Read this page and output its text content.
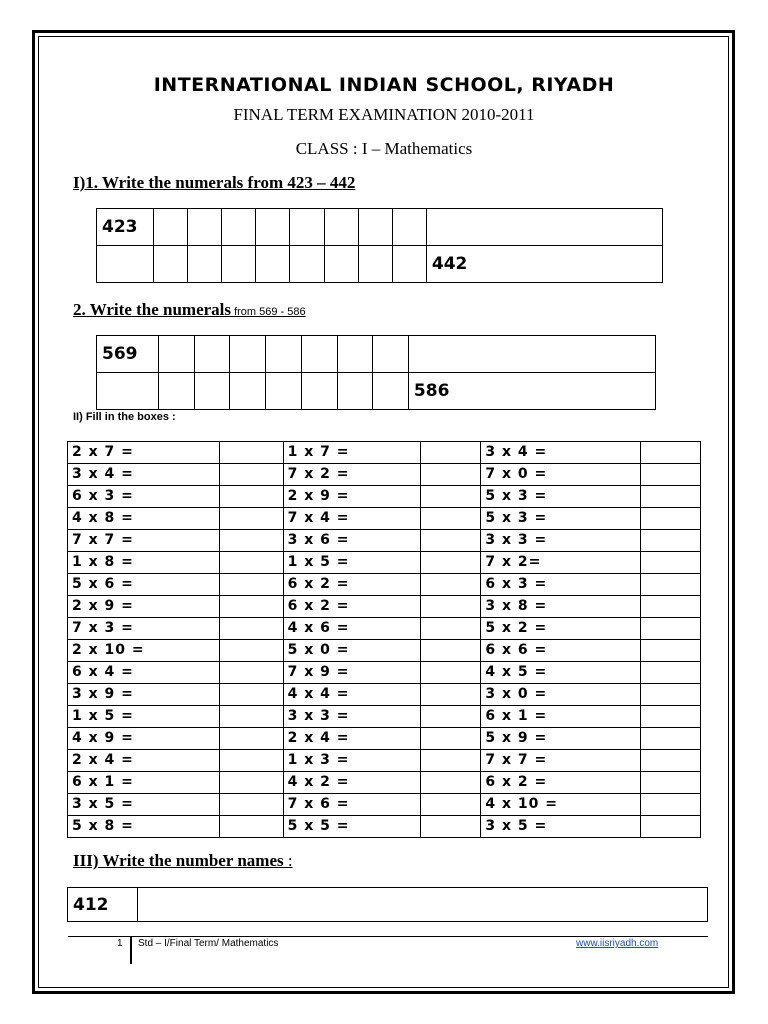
INTERNATIONAL INDIAN SCHOOL, RIYADH
FINAL TERM EXAMINATION 2010-2011
CLASS : I – Mathematics
I)1. Write the numerals from 423 – 442
423									
									442
2. Write the numerals from 569 - 586
569								
								586
II) Fill in the boxes :
2 x 7 =		1 x 7 =		3 x 4 =	
3 x 4 =		7 x 2 =		7 x 0 =	
6 x 3 =		2 x 9 =		5 x 3 =	
4 x 8 =		7 x 4 =		5 x 3 =	
7 x 7 =		3 x 6 =		3 x 3 =	
1 x 8 =		1 x 5 =		7 x 2=	
5 x 6 =		6 x 2 =		6 x 3 =	
2 x 9 =		6 x 2 =		3 x 8 =	
7 x 3 =		4 x 6 =		5 x 2 =	
2 x 10 =		5 x 0 =		6 x 6 =	
6 x 4 =		7 x 9 =		4 x 5 =	
3 x 9 =		4 x 4 =		3 x 0 =	
1 x 5 =		3 x 3 =		6 x 1 =	
4 x 9 =		2 x 4 =		5 x 9 =	
2 x 4 =		1 x 3 =		7 x 7 =	
6 x 1 =		4 x 2 =		6 x 2 =	
3 x 5 =		7 x 6 =		4 x 10 =	
5 x 8 =		5 x 5 =		3 x 5 =	
III) Write the number names :
412	
1 Std – I/Final Term/ Mathematics	www.iisriyadh.com
